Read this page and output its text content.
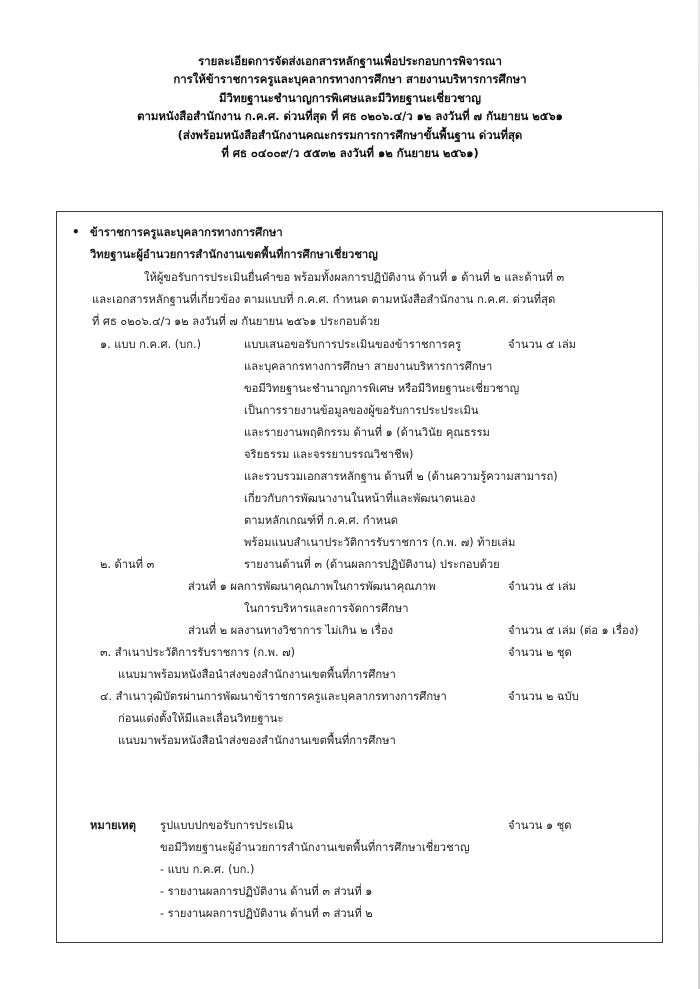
รายละเอียดการจัดส่งเอกสารหลักฐานเพื่อประกอบการพิจารณา
การให้ข้าราชการครูและบุคลากรทางการศึกษา สายงานบริหารการศึกษา
มีวิทยฐานะชำนาญการพิเศษและมีวิทยฐานะเชี่ยวชาญ
ตามหนังสือสำนักงาน ก.ค.ศ. ด่วนที่สุด ที่ ศธ ๐๒๐๖.๔/ว ๑๒ ลงวันที่ ๗ กันยายน ๒๕๖๑
(ส่งพร้อมหนังสือสำนักงานคณะกรรมการการศึกษาขั้นพื้นฐาน ด่วนที่สุด
ที่ ศธ ๐๔๐๐๙/ว ๕๕๓๒ ลงวันที่ ๑๒ กันยายน ๒๕๖๑)
• ข้าราชการครูและบุคลากรทางการศึกษา
วิทยฐานะผู้อำนวยการสำนักงานเขตพื้นที่การศึกษาเชี่ยวชาญ
ให้ผู้ขอรับการประเมินยื่นคำขอ พร้อมทั้งผลการปฏิบัติงาน ด้านที่ ๑ ด้านที่ ๒ และด้านที่ ๓
และเอกสารหลักฐานที่เกี่ยวข้อง ตามแบบที่ ก.ค.ศ. กำหนด ตามหนังสือสำนักงาน ก.ค.ศ. ด่วนที่สุด
ที่ ศธ ๐๒๐๖.๔/ว ๑๒ ลงวันที่ ๗ กันยายน ๒๕๖๑ ประกอบด้วย
๑. แบบ ก.ค.ศ. (บก.)	แบบเสนอขอรับการประเมินของข้าราชการครู	จำนวน ๕ เล่ม
และบุคลากรทางการศึกษา สายงานบริหารการศึกษา
ขอมีวิทยฐานะชำนาญการพิเศษ หรือมีวิทยฐานะเชี่ยวชาญ
เป็นการรายงานข้อมูลของผู้ขอรับการประประเมิน
และรายงานพฤติกรรม ด้านที่ ๑ (ด้านวินัย คุณธรรม
จริยธรรม และจรรยาบรรณวิชาชีพ)
และรวบรวมเอกสารหลักฐาน ด้านที่ ๒ (ด้านความรู้ความสามารถ)
เกี่ยวกับการพัฒนางานในหน้าที่และพัฒนาตนเอง
ตามหลักเกณฑ์ที่ ก.ค.ศ. กำหนด
พร้อมแนบสำเนาประวัติการรับราชการ (ก.พ. ๗) ท้ายเล่ม
๒. ด้านที่ ๓	รายงานด้านที่ ๓ (ด้านผลการปฏิบัติงาน) ประกอบด้วย
ส่วนที่ ๑ ผลการพัฒนาคุณภาพในการพัฒนาคุณภาพ	จำนวน ๕ เล่ม
ในการบริหารและการจัดการศึกษา
ส่วนที่ ๒ ผลงานทางวิชาการ ไม่เกิน ๒ เรื่อง	จำนวน ๕ เล่ม (ต่อ ๑ เรื่อง)
๓. สำเนาประวัติการรับราชการ (ก.พ. ๗)	จำนวน ๒ ชุด
แนบมาพร้อมหนังสือนำส่งของสำนักงานเขตพื้นที่การศึกษา
๔. สำเนาวุฒิบัตรผ่านการพัฒนาข้าราชการครูและบุคลากรทางการศึกษา	จำนวน ๒ ฉบับ
ก่อนแต่งตั้งให้มีและเลื่อนวิทยฐานะ
แนบมาพร้อมหนังสือนำส่งของสำนักงานเขตพื้นที่การศึกษา
หมายเหตุ รูปแบบปกขอรับการประเมิน	จำนวน ๑ ชุด
ขอมีวิทยฐานะผู้อำนวยการสำนักงานเขตพื้นที่การศึกษาเชี่ยวชาญ
- แบบ ก.ค.ศ. (บก.)
- รายงานผลการปฏิบัติงาน ด้านที่ ๓ ส่วนที่ ๑
- รายงานผลการปฏิบัติงาน ด้านที่ ๓ ส่วนที่ ๒
